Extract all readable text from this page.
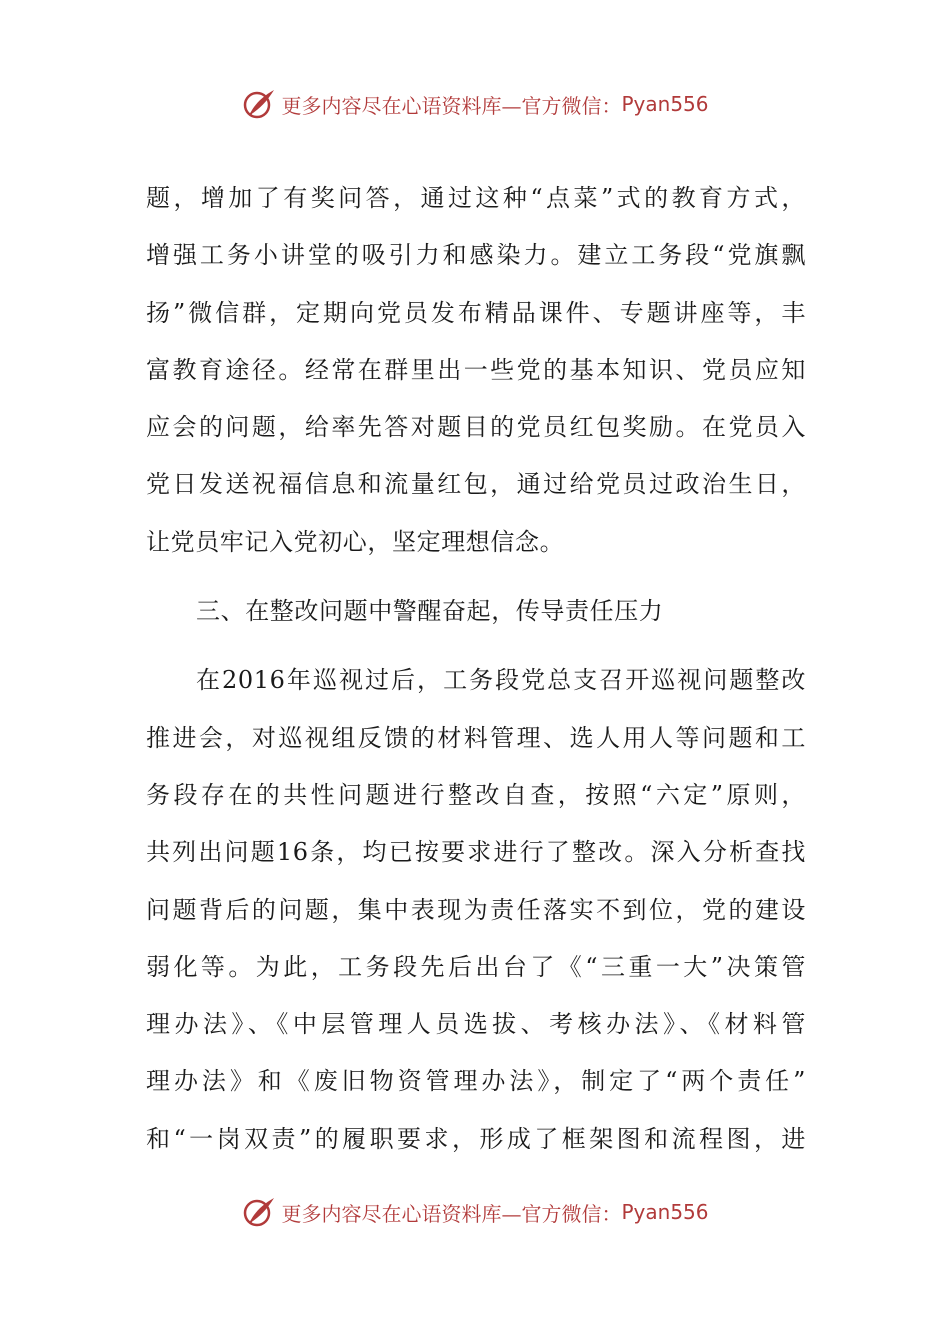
更多内容尽在心语资料库—官方微信： Pyan556
题，增加了有奖问答，通过这种“点菜”式的教育方式，
增强工务小讲堂的吸引力和感染力。建立工务段“党旗飘
扬”微信群，定期向党员发布精品课件、专题讲座等，丰
富教育途径。经常在群里出一些党的基本知识、党员应知
应会的问题，给率先答对题目的党员红包奖励。在党员入
党日发送祝福信息和流量红包，通过给党员过政治生日，
让党员牢记入党初心，坚定理想信念。
三、在整改问题中警醒奋起，传导责任压力
在2016年巡视过后，工务段党总支召开巡视问题整改
推进会，对巡视组反馈的材料管理、选人用人等问题和工
务段存在的共性问题进行整改自查，按照“六定”原则，
共列出问题16条，均已按要求进行了整改。深入分析查找
问题背后的问题，集中表现为责任落实不到位，党的建设
弱化等。为此，工务段先后出台了《“三重一大”决策管
理办法》、《中层管理人员选拔、考核办法》、《材料管
理办法》和《废旧物资管理办法》，制定了“两个责任”
和“一岗双责”的履职要求，形成了框架图和流程图，进
更多内容尽在心语资料库—官方微信： Pyan556
